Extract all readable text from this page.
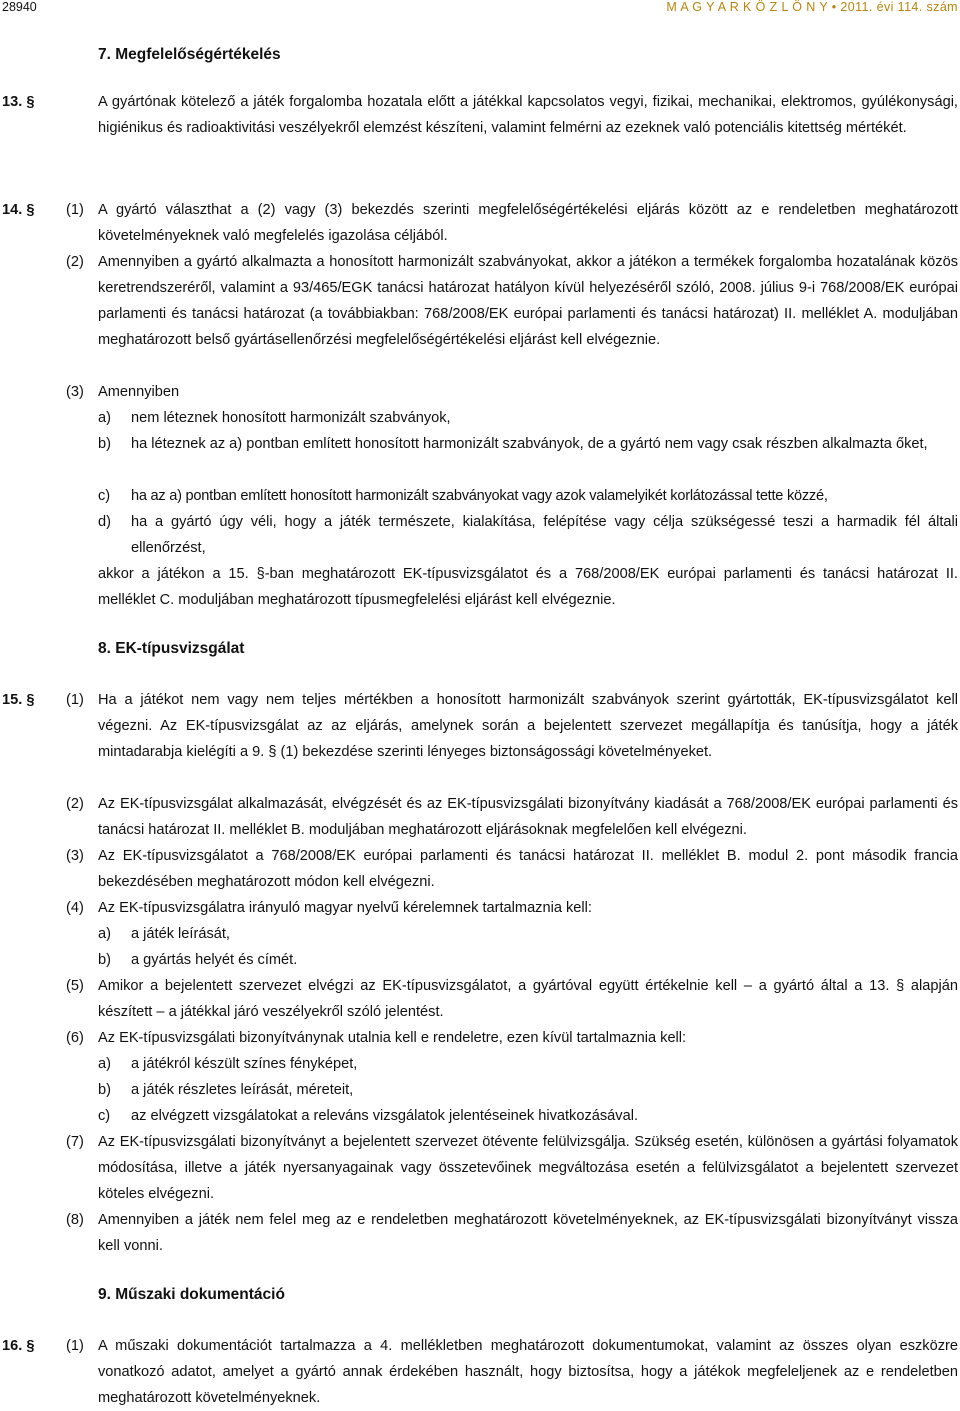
28940	M A G Y A R K Ö Z L Ö N Y • 2011. évi 114. szám
7. Megfelelőségértékelés
13. §	A gyártónak kötelező a játék forgalomba hozatala előtt a játékkal kapcsolatos vegyi, fizikai, mechanikai, elektromos, gyúlékonysági, higiénikus és radioaktivitási veszélyekről elemzést készíteni, valamint felmérni az ezeknek való potenciális kitettség mértékét.
14. § (1) A gyártó választhat a (2) vagy (3) bekezdés szerinti megfelelőségértékelési eljárás között az e rendeletben meghatározott követelményeknek való megfelelés igazolása céljából.
(2) Amennyiben a gyártó alkalmazta a honosított harmonizált szabványokat, akkor a játékon a termékek forgalomba hozatalának közös keretrendszeréről, valamint a 93/465/EGK tanácsi határozat hatályon kívül helyezéséről szóló, 2008. július 9-i 768/2008/EK európai parlamenti és tanácsi határozat (a továbbiakban: 768/2008/EK európai parlamenti és tanácsi határozat) II. melléklet A. moduljában meghatározott belső gyártásellenőrzési megfelelőségértékelési eljárást kell elvégeznie.
(3) Amennyiben
a) nem léteznek honosított harmonizált szabványok,
b) ha léteznek az a) pontban említett honosított harmonizált szabványok, de a gyártó nem vagy csak részben alkalmazta őket,
c) ha az a) pontban említett honosított harmonizált szabványokat vagy azok valamelyikét korlátozással tette közzé,
d) ha a gyártó úgy véli, hogy a játék természete, kialakítása, felépítése vagy célja szükségessé teszi a harmadik fél általi ellenőrzést,
akkor a játékon a 15. §-ban meghatározott EK-típusvizsgálatot és a 768/2008/EK európai parlamenti és tanácsi határozat II. melléklet C. moduljában meghatározott típusmegfelelési eljárást kell elvégeznie.
8. EK-típusvizsgálat
15. § (1) Ha a játékot nem vagy nem teljes mértékben a honosított harmonizált szabványok szerint gyártották, EK-típusvizsgálatot kell végezni. Az EK-típusvizsgálat az az eljárás, amelynek során a bejelentett szervezet megállapítja és tanúsítja, hogy a játék mintadarabja kielégíti a 9. § (1) bekezdése szerinti lényeges biztonságossági követelményeket.
(2) Az EK-típusvizsgálat alkalmazását, elvégzését és az EK-típusvizsgálati bizonyítvány kiadását a 768/2008/EK európai parlamenti és tanácsi határozat II. melléklet B. moduljában meghatározott eljárásoknak megfelelően kell elvégezni.
(3) Az EK-típusvizsgálatot a 768/2008/EK európai parlamenti és tanácsi határozat II. melléklet B. modul 2. pont második francia bekezdésében meghatározott módon kell elvégezni.
(4) Az EK-típusvizsgálatra irányuló magyar nyelvű kérelemnek tartalmaznia kell:
a) a játék leírását,
b) a gyártás helyét és címét.
(5) Amikor a bejelentett szervezet elvégzi az EK-típusvizsgálatot, a gyártóval együtt értékelnie kell – a gyártó által a 13. § alapján készített – a játékkal járó veszélyekről szóló jelentést.
(6) Az EK-típusvizsgálati bizonyítványnak utalnia kell e rendeletre, ezen kívül tartalmaznia kell:
a) a játékról készült színes fényképet,
b) a játék részletes leírását, méreteit,
c) az elvégzett vizsgálatokat a releváns vizsgálatok jelentéseinek hivatkozásával.
(7) Az EK-típusvizsgálati bizonyítványt a bejelentett szervezet ötévente felülvizsgálja. Szükség esetén, különösen a gyártási folyamatok módosítása, illetve a játék nyersanyagainak vagy összetevőinek megváltozása esetén a felülvizsgálatot a bejelentett szervezet köteles elvégezni.
(8) Amennyiben a játék nem felel meg az e rendeletben meghatározott követelményeknek, az EK-típusvizsgálati bizonyítványt vissza kell vonni.
9. Műszaki dokumentáció
16. § (1) A műszaki dokumentációt tartalmazza a 4. mellékletben meghatározott dokumentumokat, valamint az összes olyan eszközre vonatkozó adatot, amelyet a gyártó annak érdekében használt, hogy biztosítsa, hogy a játékok megfeleljenek az e rendeletben meghatározott követelményeknek.
